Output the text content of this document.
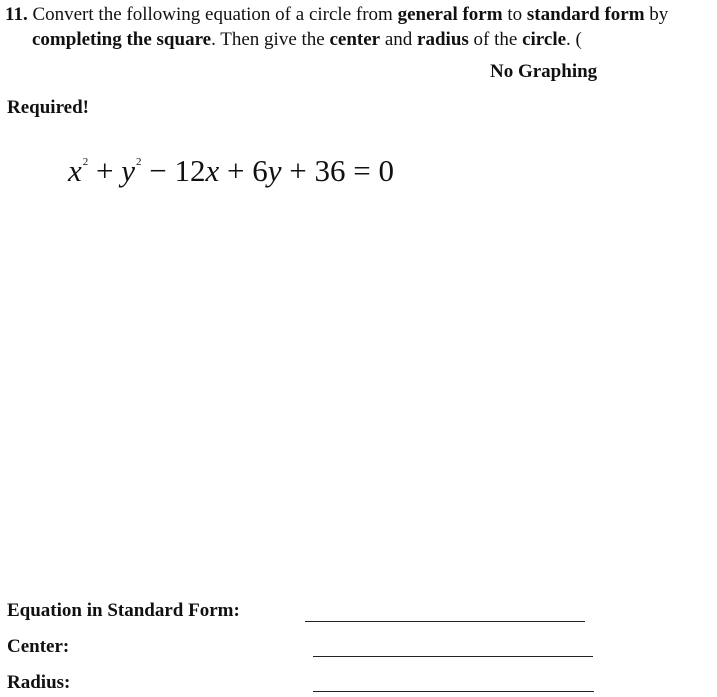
11. Convert the following equation of a circle from general form to standard form by
completing the square. Then give the center and radius of the circle. (
No Graphing
Required!
$x^2 + y^2 - 12x + 6y + 36 = 0$
Equation in Standard Form:
Center:
Radius:
